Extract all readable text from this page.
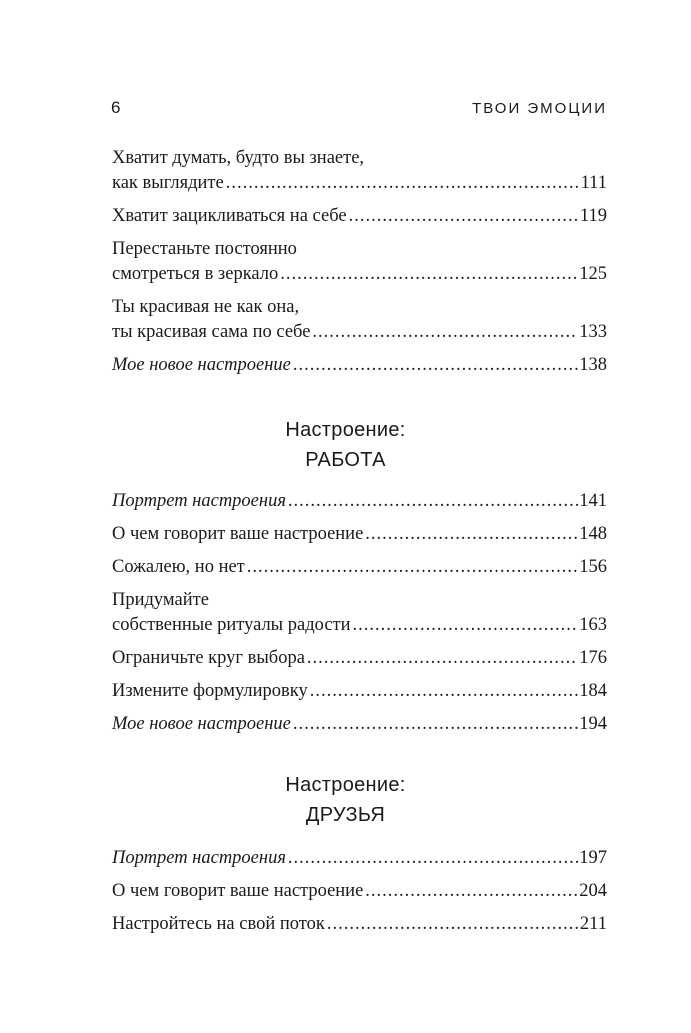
6	ТВОИ ЭМОЦИИ
Хватит думать, будто вы знаете,
как выглядите .....	111
Хватит зацикливаться на себе .....	119
Перестаньте постоянно
смотреться в зеркало .....	125
Ты красивая не как она,
ты красивая сама по себе .....	133
Мое новое настроение .....	138
Настроение:
РАБОТА
Портрет настроения .....	141
О чем говорит ваше настроение .....	148
Сожалею, но нет .....	156
Придумайте
собственные ритуалы радости .....	163
Ограничьте круг выбора .....	176
Измените формулировку .....	184
Мое новое настроение .....	194
Настроение:
ДРУЗЬЯ
Портрет настроения .....	197
О чем говорит ваше настроение .....	204
Настройтесь на свой поток .....	211
